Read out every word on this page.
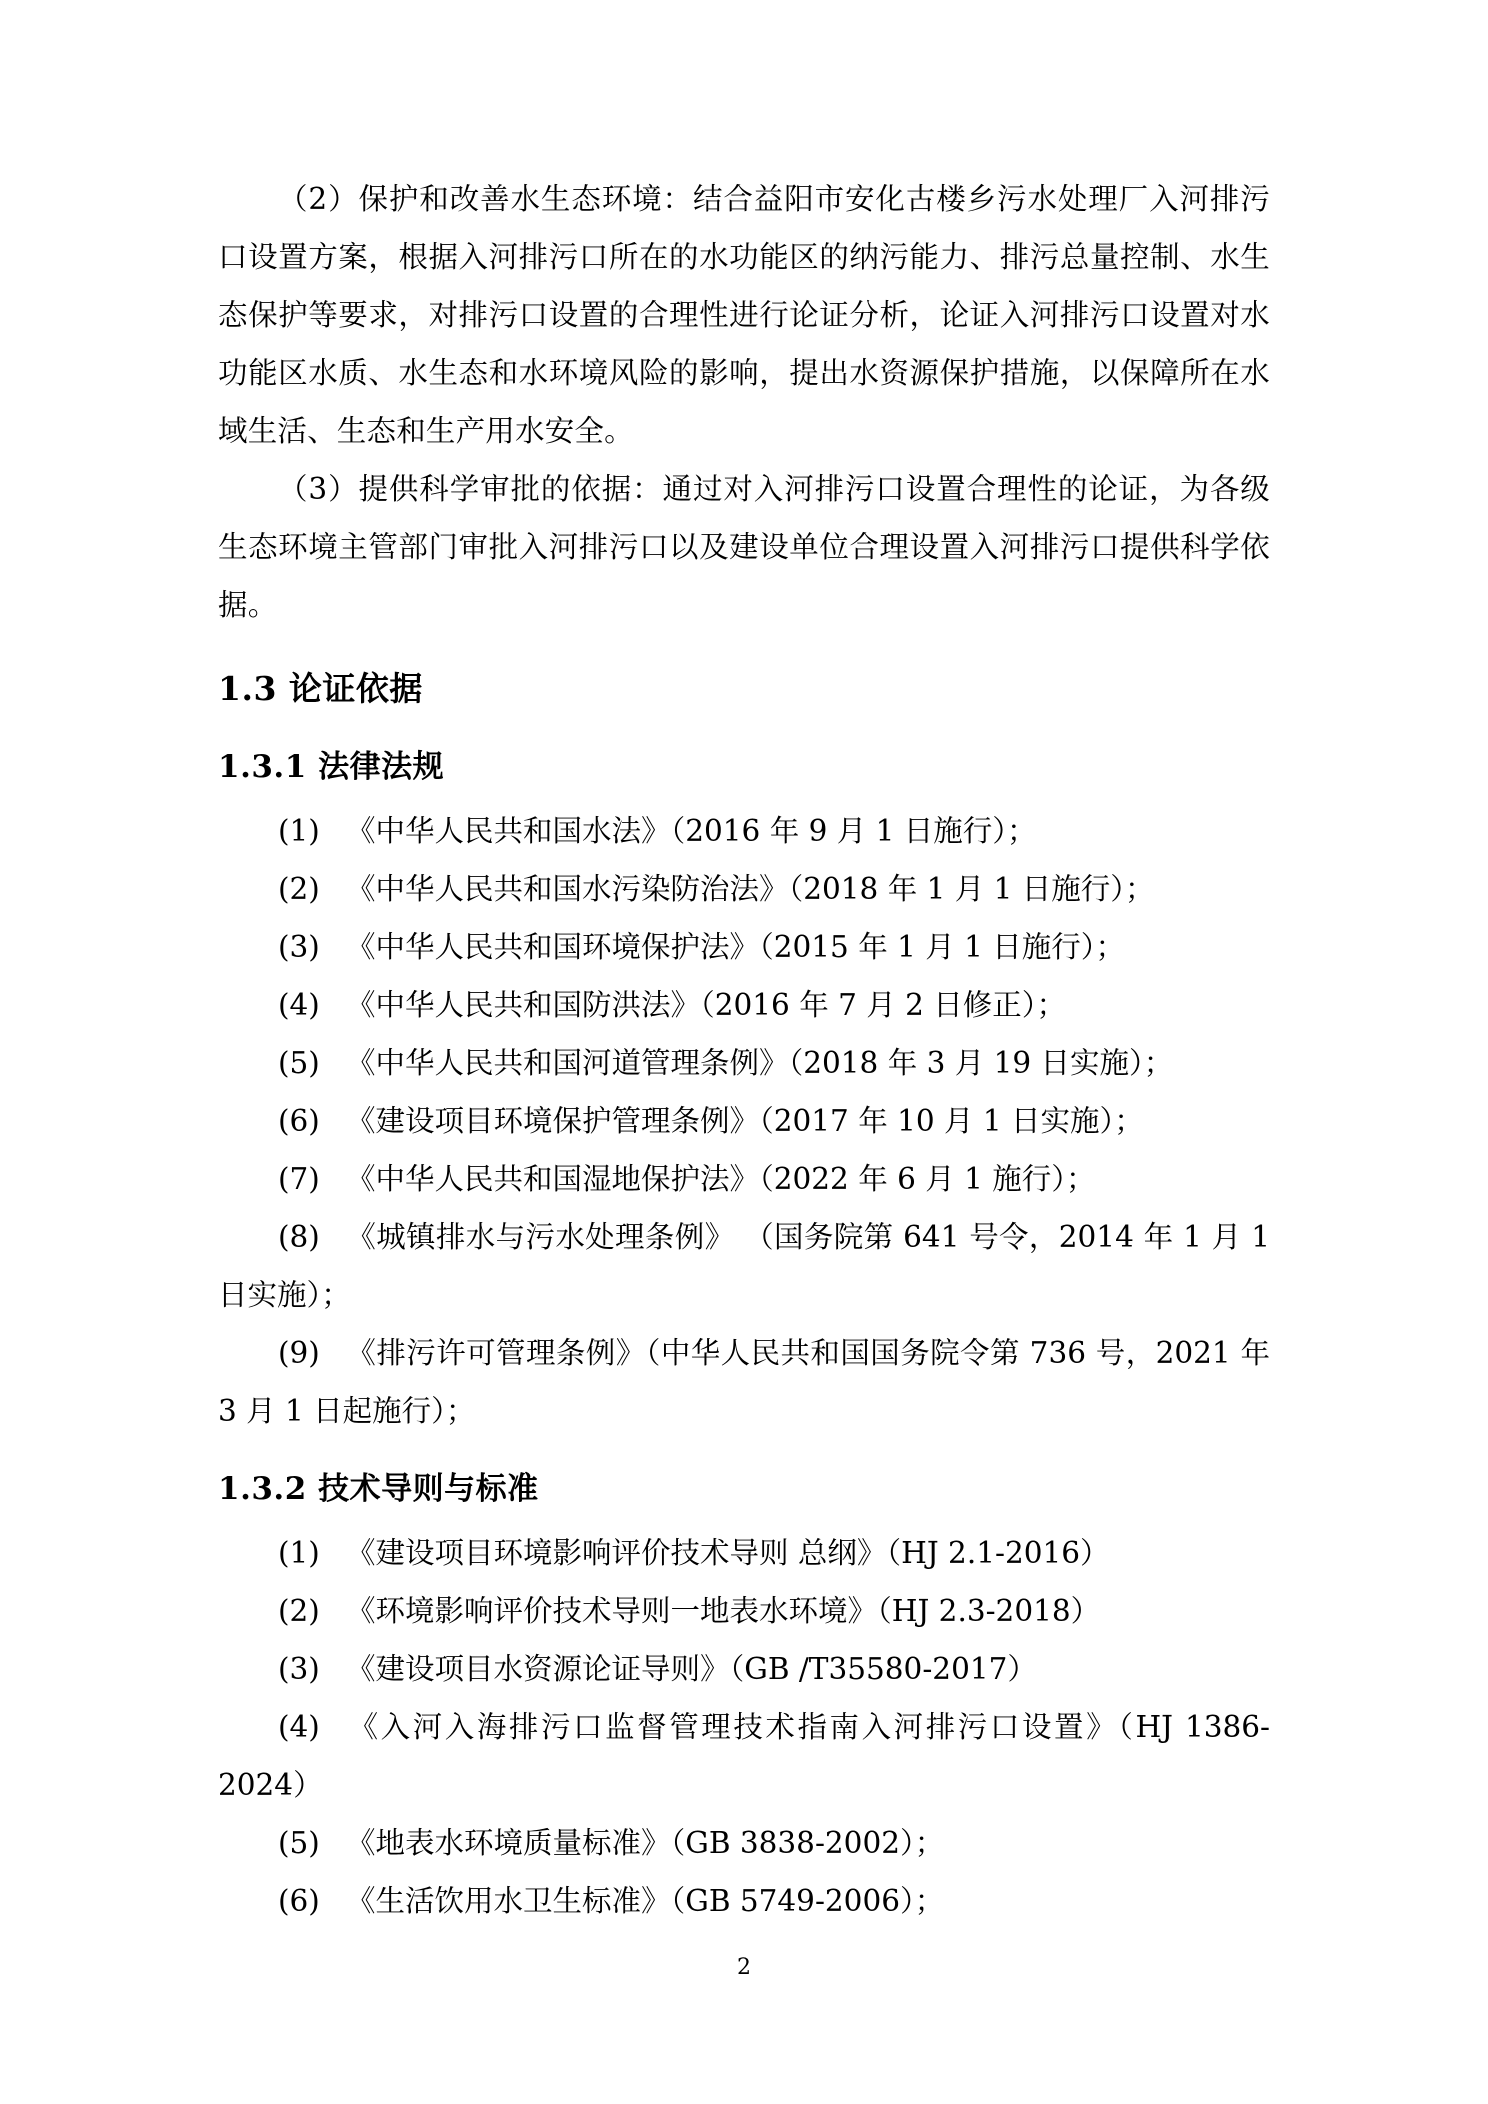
（2）保护和改善水生态环境：结合益阳市安化古楼乡污水处理厂入河排污口设置方案，根据入河排污口所在的水功能区的纳污能力、排污总量控制、水生态保护等要求，对排污口设置的合理性进行论证分析，论证入河排污口设置对水功能区水质、水生态和水环境风险的影响，提出水资源保护措施，以保障所在水域生活、生态和生产用水安全。

（3）提供科学审批的依据：通过对入河排污口设置合理性的论证，为各级生态环境主管部门审批入河排污口以及建设单位合理设置入河排污口提供科学依据。

1.3 论证依据
1.3.1 法律法规
(1) 《中华人民共和国水法》（2016 年 9 月 1 日施行）；
(2) 《中华人民共和国水污染防治法》（2018 年 1 月 1 日施行）；
(3) 《中华人民共和国环境保护法》（2015 年 1 月 1 日施行）；
(4) 《中华人民共和国防洪法》（2016 年 7 月 2 日修正）；
(5) 《中华人民共和国河道管理条例》（2018 年 3 月 19 日实施）；
(6) 《建设项目环境保护管理条例》（2017 年 10 月 1 日实施）；
(7) 《中华人民共和国湿地保护法》（2022 年 6 月 1 施行）；
(8) 《城镇排水与污水处理条例》 （国务院第 641 号令，2014 年 1 月 1 日实施）；
(9) 《排污许可管理条例》（中华人民共和国国务院令第 736 号，2021 年 3 月 1 日起施行）；
1.3.2 技术导则与标准
(1) 《建设项目环境影响评价技术导则 总纲》（HJ 2.1-2016）
(2) 《环境影响评价技术导则一地表水环境》（HJ 2.3-2018）
(3) 《建设项目水资源论证导则》（GB /T35580-2017）
(4) 《入河入海排污口监督管理技术指南入河排污口设置》（HJ 1386-2024）
(5) 《地表水环境质量标准》（GB 3838-2002）；
(6) 《生活饮用水卫生标准》（GB 5749-2006）；
2
